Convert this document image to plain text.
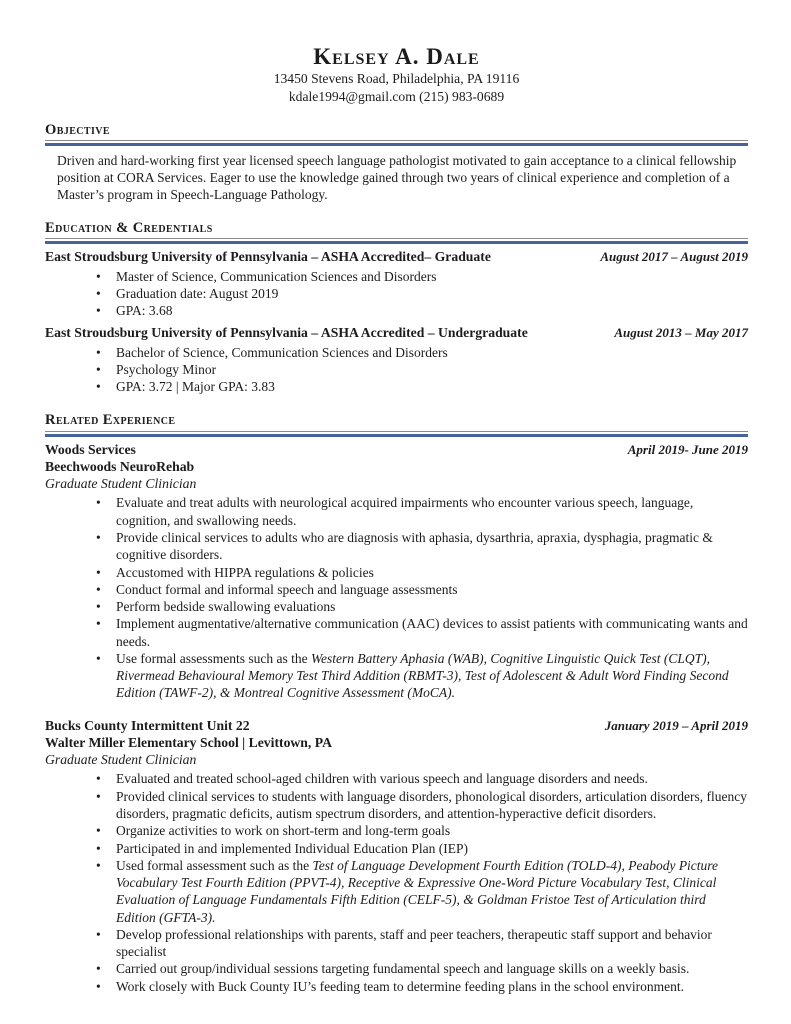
Kelsey A. Dale
13450 Stevens Road, Philadelphia, PA 19116
kdale1994@gmail.com (215) 983-0689
Objective

Driven and hard-working first year licensed speech language pathologist motivated to gain acceptance to a clinical fellowship position at CORA Services. Eager to use the knowledge gained through two years of clinical experience and completion of a Master’s program in Speech-Language Pathology.

Education & Credentials
East Stroudsburg University of Pennsylvania – ASHA Accredited– Graduate	August 2017 – August 2019
• Master of Science, Communication Sciences and Disorders
• Graduation date: August 2019
• GPA: 3.68
East Stroudsburg University of Pennsylvania – ASHA Accredited – Undergraduate	August 2013 – May 2017
• Bachelor of Science, Communication Sciences and Disorders
• Psychology Minor
• GPA: 3.72 | Major GPA: 3.83
Related Experience
Woods Services	April 2019- June 2019
Beechwoods NeuroRehab
Graduate Student Clinician
• Evaluate and treat adults with neurological acquired impairments who encounter various speech, language, cognition, and swallowing needs.
• Provide clinical services to adults who are diagnosis with aphasia, dysarthria, apraxia, dysphagia, pragmatic & cognitive disorders.
• Accustomed with HIPPA regulations & policies
• Conduct formal and informal speech and language assessments
• Perform bedside swallowing evaluations
• Implement augmentative/alternative communication (AAC) devices to assist patients with communicating wants and needs.
• Use formal assessments such as the Western Battery Aphasia (WAB), Cognitive Linguistic Quick Test (CLQT), Rivermead Behavioural Memory Test Third Addition (RBMT-3), Test of Adolescent & Adult Word Finding Second Edition (TAWF-2), & Montreal Cognitive Assessment (MoCA).
Bucks County Intermittent Unit 22	January 2019 – April 2019
Walter Miller Elementary School | Levittown, PA
Graduate Student Clinician
• Evaluated and treated school-aged children with various speech and language disorders and needs.
• Provided clinical services to students with language disorders, phonological disorders, articulation disorders, fluency disorders, pragmatic deficits, autism spectrum disorders, and attention-hyperactive deficit disorders.
• Organize activities to work on short-term and long-term goals
• Participated in and implemented Individual Education Plan (IEP)
• Used formal assessment such as the Test of Language Development Fourth Edition (TOLD-4), Peabody Picture Vocabulary Test Fourth Edition (PPVT-4), Receptive & Expressive One-Word Picture Vocabulary Test, Clinical Evaluation of Language Fundamentals Fifth Edition (CELF-5), & Goldman Fristoe Test of Articulation third Edition (GFTA-3).
• Develop professional relationships with parents, staff and peer teachers, therapeutic staff support and behavior specialist
• Carried out group/individual sessions targeting fundamental speech and language skills on a weekly basis.
• Work closely with Buck County IU’s feeding team to determine feeding plans in the school environment.
